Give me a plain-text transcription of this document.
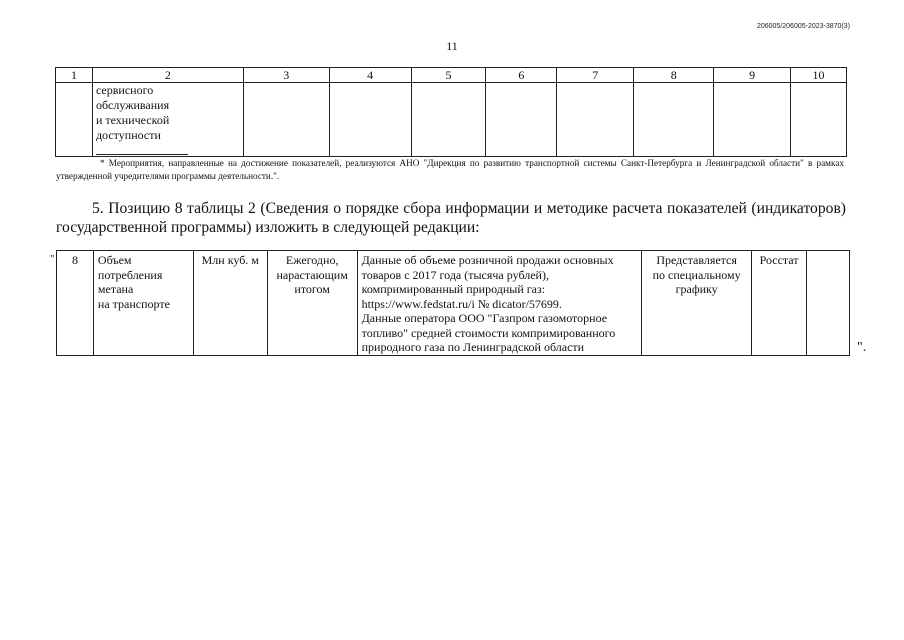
206005/206005-2023-3870(3)
11
1	2	3	4	5	6	7	8	9	10

	сервисного
обслуживания
и технической
доступности								

* Мероприятия, направленные на достижение показателей, реализуются АНО "Дирекция по развитию транспортной системы Санкт-Петербурга и Ленинградской области" в рамках утвержденной учредителями программы деятельности.".
5. Позицию 8 таблицы 2 (Сведения о порядке сбора информации и методике расчета показателей (индикаторов) государственной программы) изложить в следующей редакции:
"
".
8	Объем
потребления
метана
на транспорте	Млн куб. м	Ежегодно,
нарастающим
итогом	Данные об объеме розничной продажи основных товаров с 2017 года (тысяча рублей), компримированный природный газ: https://www.fedstat.ru/i № dicator/57699.
Данные оператора ООО "Газпром газомоторное топливо" средней стоимости компримированного природного газа по Ленинградской области	Представляется
по специальному
графику	Росстат	
